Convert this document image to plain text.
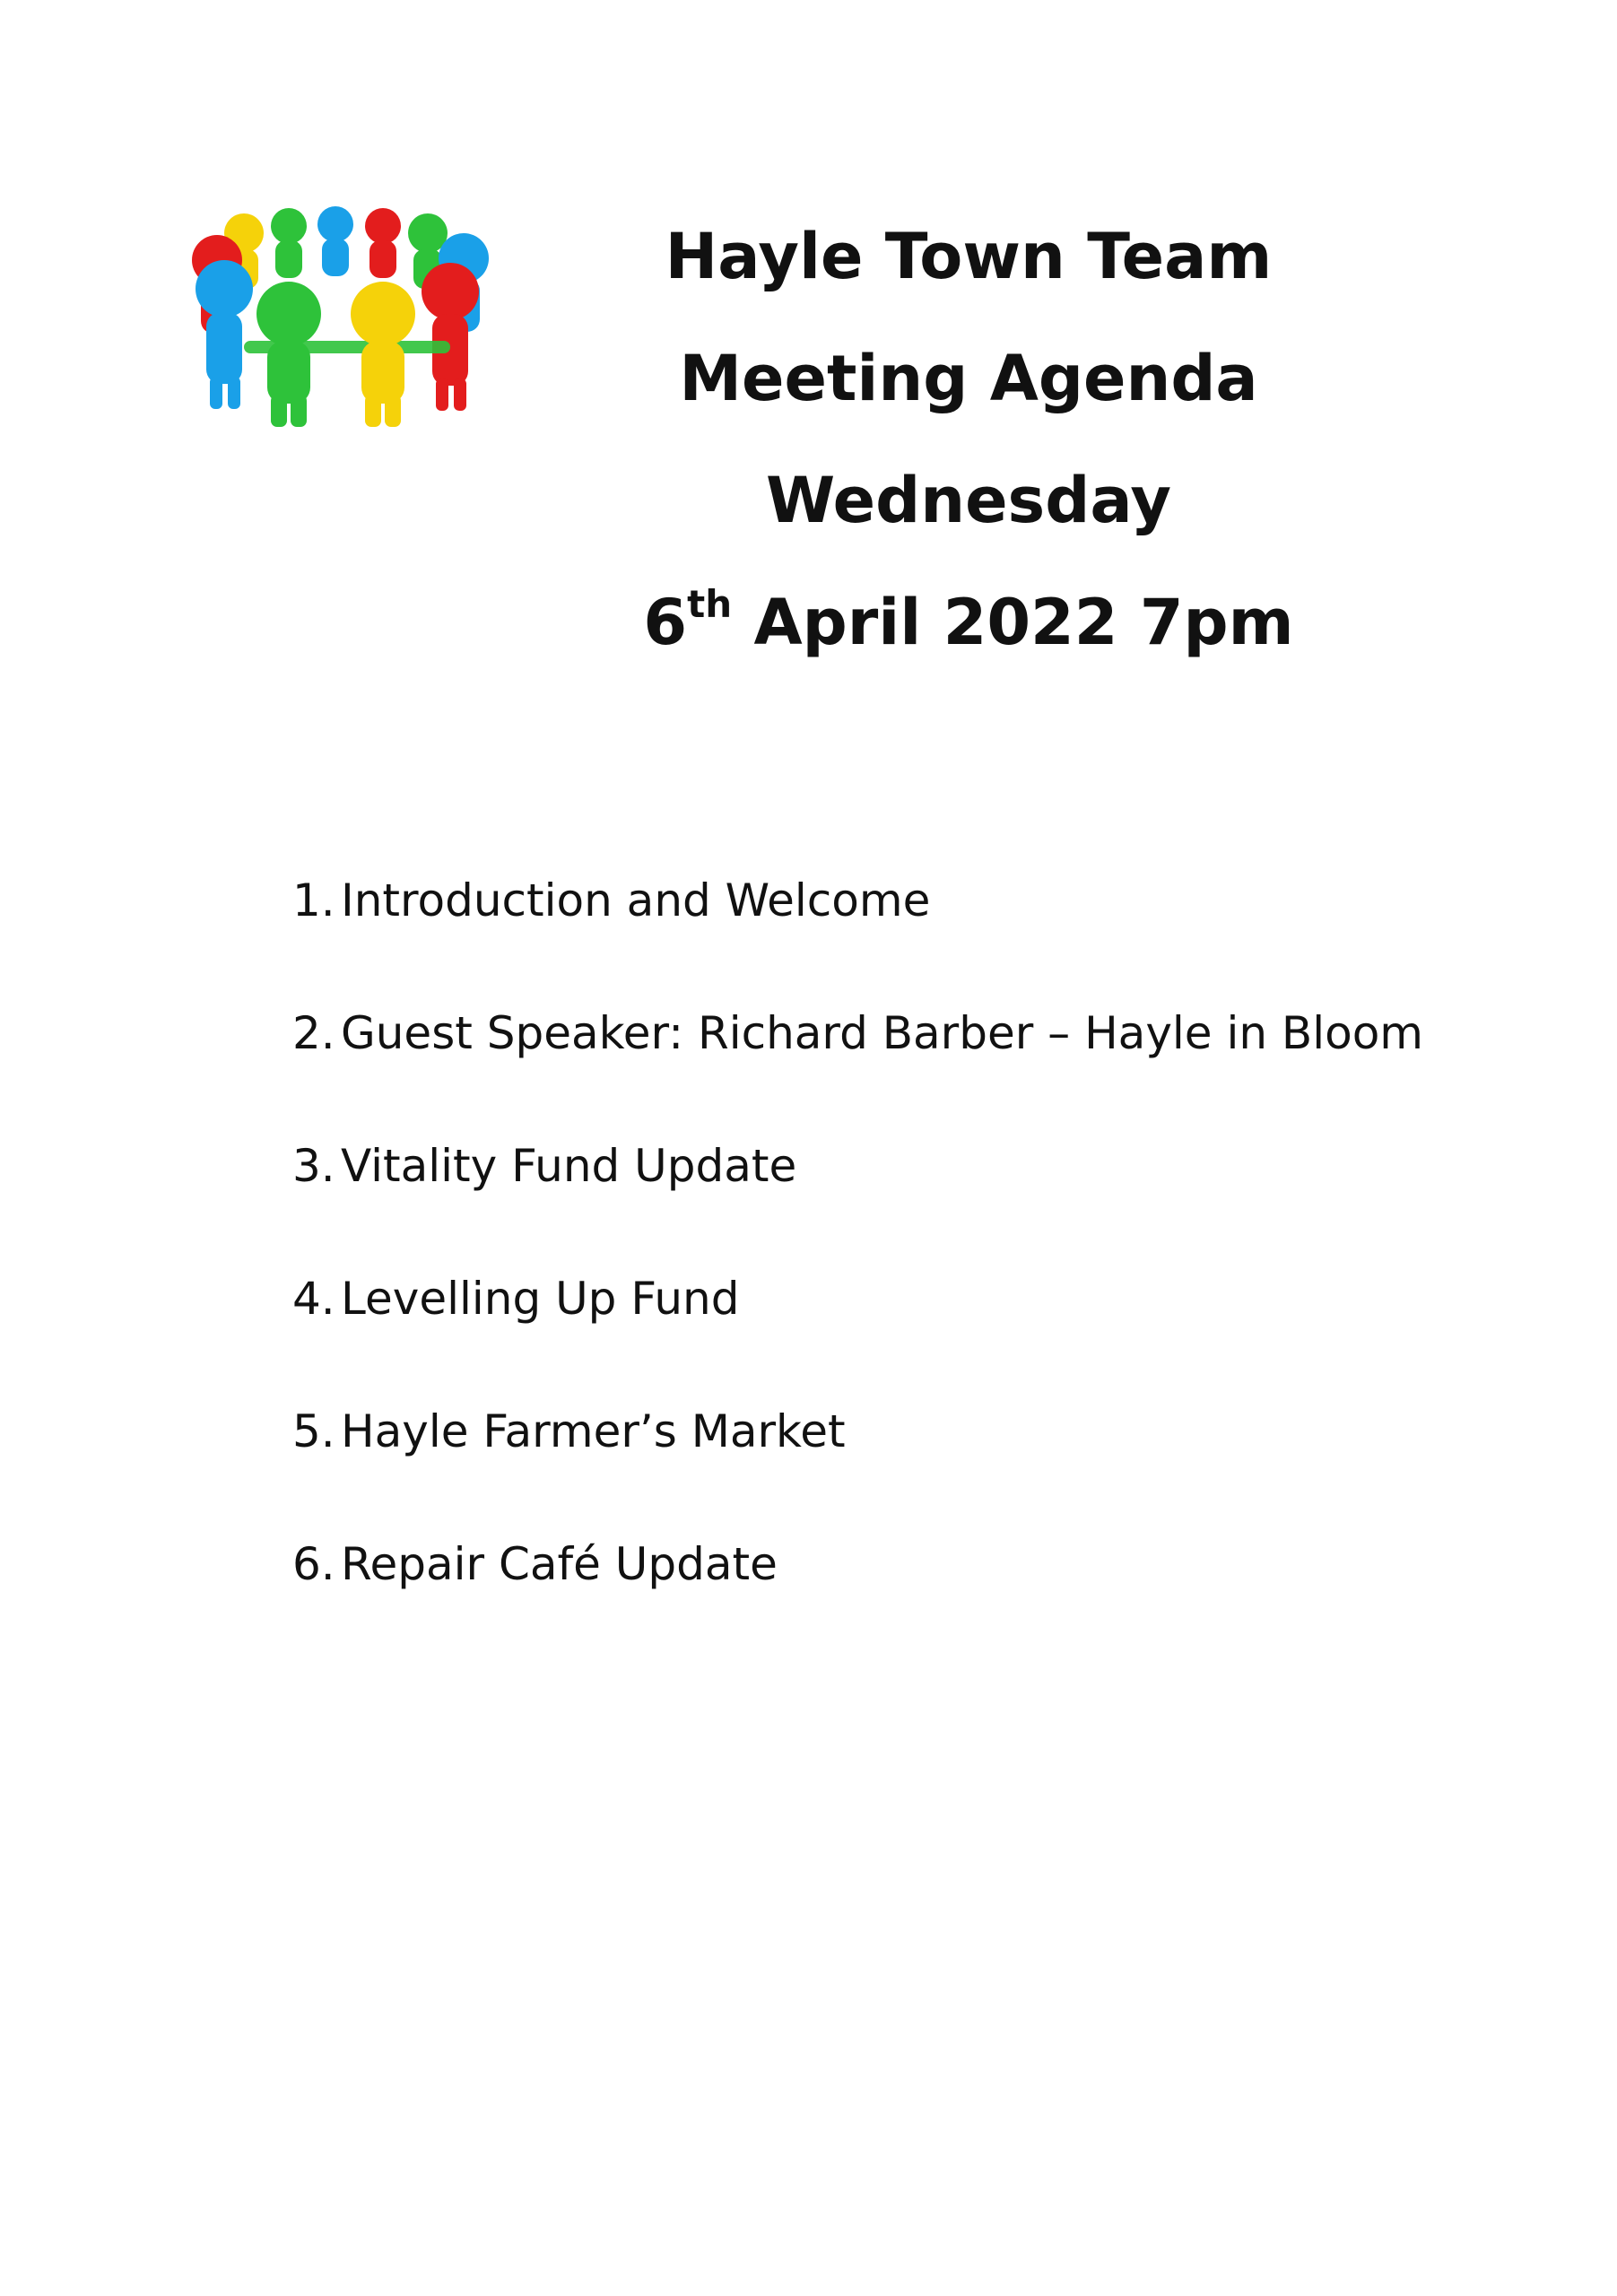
Hayle Town Team
Meeting Agenda
Wednesday
6th April 2022 7pm
1. Introduction and Welcome
2. Guest Speaker: Richard Barber – Hayle in Bloom
3. Vitality Fund Update
4. Levelling Up Fund
5. Hayle Farmer’s Market
6. Repair Café Update
